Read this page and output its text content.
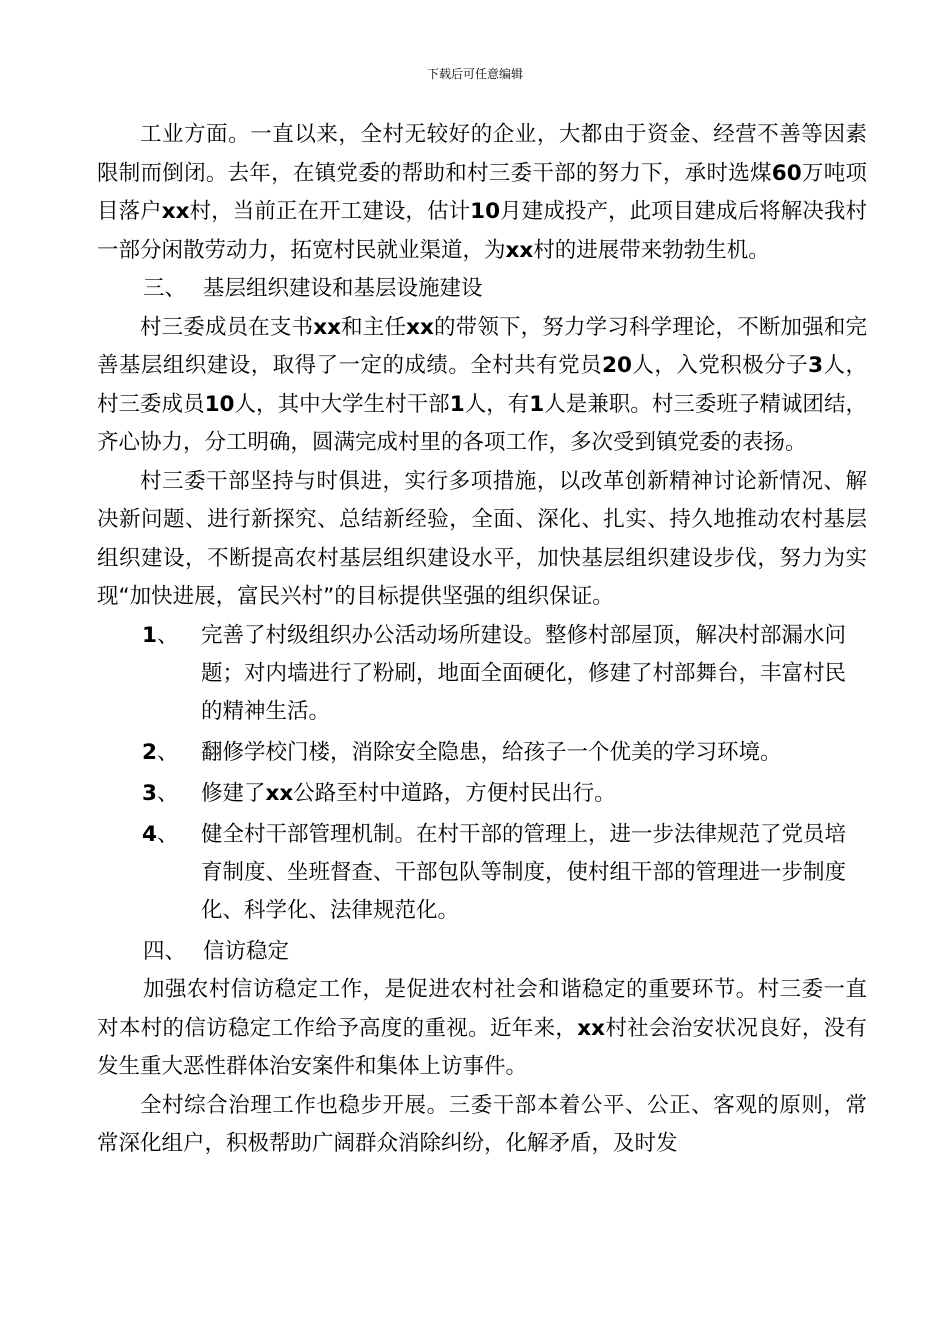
下载后可任意编辑

工业方面。一直以来，全村无较好的企业，大都由于资金、经营不善等因素限制而倒闭。去年，在镇党委的帮助和村三委干部的努力下，承时选煤60万吨项目落户xx村，当前正在开工建设，估计10月建成投产，此项目建成后将解决我村一部分闲散劳动力，拓宽村民就业渠道，为xx村的进展带来勃勃生机。

三、 基层组织建设和基层设施建设

村三委成员在支书xx和主任xx的带领下，努力学习科学理论，不断加强和完善基层组织建设，取得了一定的成绩。全村共有党员20人，入党积极分子3人，村三委成员10人，其中大学生村干部1人，有1人是兼职。村三委班子精诚团结，齐心协力，分工明确，圆满完成村里的各项工作，多次受到镇党委的表扬。

村三委干部坚持与时俱进，实行多项措施，以改革创新精神讨论新情况、解决新问题、进行新探究、总结新经验，全面、深化、扎实、持久地推动农村基层组织建设，不断提高农村基层组织建设水平，加快基层组织建设步伐，努力为实现“加快进展，富民兴村”的目标提供坚强的组织保证。

1、	完善了村级组织办公活动场所建设。整修村部屋顶，解决村部漏水问题；对内墙进行了粉刷，地面全面硬化，修建了村部舞台，丰富村民的精神生活。

2、	翻修学校门楼，消除安全隐患，给孩子一个优美的学习环境。

3、	修建了xx公路至村中道路，方便村民出行。

4、	健全村干部管理机制。在村干部的管理上，进一步法律规范了党员培育制度、坐班督查、干部包队等制度，使村组干部的管理进一步制度化、科学化、法律规范化。

四、 信访稳定

加强农村信访稳定工作，是促进农村社会和谐稳定的重要环节。村三委一直对本村的信访稳定工作给予高度的重视。近年来，xx村社会治安状况良好，没有发生重大恶性群体治安案件和集体上访事件。

全村综合治理工作也稳步开展。三委干部本着公平、公正、客观的原则，常常深化组户，积极帮助广阔群众消除纠纷，化解矛盾，及时发
